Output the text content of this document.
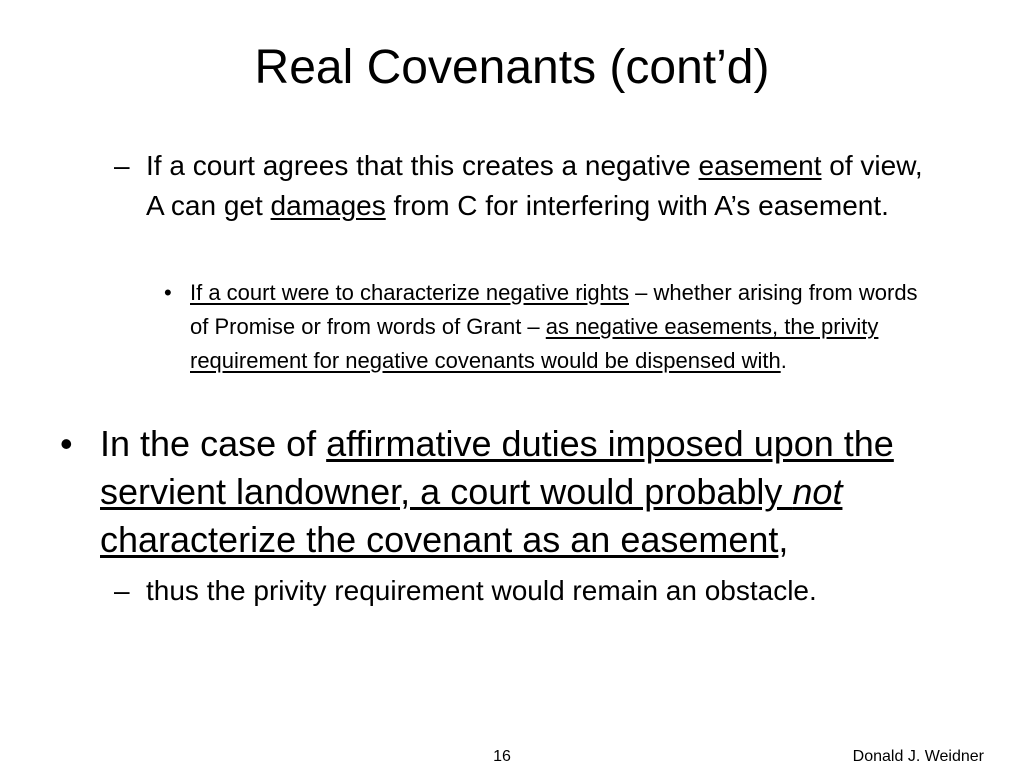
Real Covenants (cont’d)
– If a court agrees that this creates a negative easement of view, A can get damages from C for interfering with A’s easement.

• If a court were to characterize negative rights – whether arising from words of Promise or from words of Grant – as negative easements, the privity requirement for negative covenants would be dispensed with.

• In the case of affirmative duties imposed upon the servient landowner, a court would probably not characterize the covenant as an easement,

– thus the privity requirement would remain an obstacle.

16	Donald J. Weidner
